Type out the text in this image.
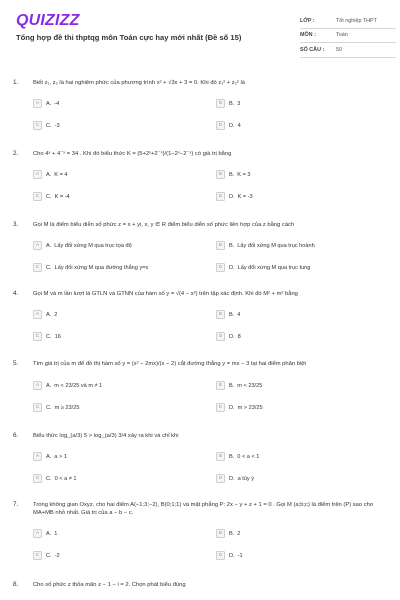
QUIZIZZ
Tổng hợp đề thi thptqg môn Toán cực hay mới nhất (Đề số 15)
LỚP :	Tốt nghiệp THPT
MÔN :	Toán
SỐ CÂU :	50
1.	Biết z₁, z₂ là hai nghiệm phức của phương trình x² + √3x + 3 = 0. Khi đó z₁² + z₂² là
A	A. -4	B	B. 3
C	C. -3	D	D. 4
2.	Cho 4ˣ + 4⁻ˣ = 34 . Khi đó biểu thức K = (5+2ˣ+2⁻ˣ)/(1−2ˣ−2⁻ˣ) có giá trị bằng
A	A. K = 4	B	B. K = 3
C	C. K = -4	D	D. K = -3
3.	Gọi M là điểm biểu diễn số phức z = x + yi, x, y ∈ R điểm biểu diễn số phức liên hợp của z bằng cách
A	A. Lấy đối xứng M qua trục tọa độ	B	B. Lấy đối xứng M qua trục hoành
C	C. Lấy đối xứng M qua đường thẳng y=x	D	D. Lấy đối xứng M qua trục tung
4.	Gọi M và m lần lượt là GTLN và GTNN của hàm số y = √(4 − x²) trên tập xác định. Khi đó M² + m² bằng
A	A. 2	B	B. 4
C	C. 16	D	D. 8
5.	Tìm giá trị của m để đồ thị hàm số y = (x² − 2mx)/(x − 2) cắt đường thẳng y = mx − 3 tại hai điểm phân biệt
A	A. m < 23/25 và m ≠ 1	B	B. m < 23/25
C	C. m ≥ 23/25	D	D. m > 23/25
6.	Biểu thức log_(a/3) 5 > log_(a/3) 3/4 xảy ra khi và chỉ khi
A	A. a > 1	B	B. 0 < a < 1
C	C. 0 < a ≠ 1	D	D. a tùy ý
7.	Trong không gian Oxyz, cho hai điểm A(−1;3;−2), B(0;1;1) và mặt phẳng P: 2x − y + z + 1 = 0 . Gọi M (a;b;c) là điểm trên (P) sao cho MA+MB nhỏ nhất. Giá trị của a − b − c.
A	A. 1	B	B. 2
C	C. -2	D	D. -1
8.	Cho số phức z thỏa mãn z − 1 − i = 2. Chọn phát biểu đúng
